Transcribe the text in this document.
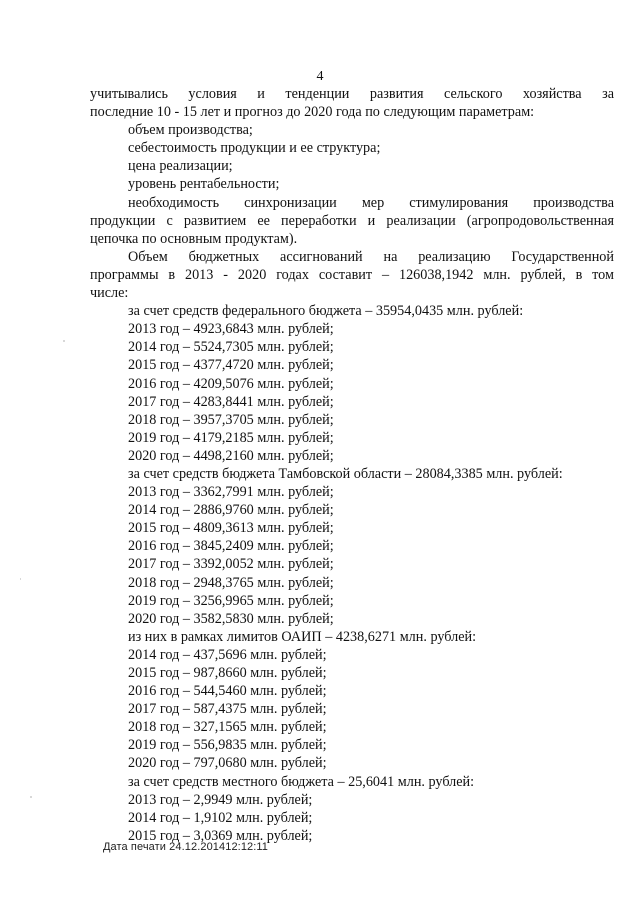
4
учитывались условия и тенденции развития сельского хозяйства за
последние 10 - 15 лет и прогноз до 2020 года по следующим параметрам:
объем производства;
себестоимость продукции и ее структура;
цена реализации;
уровень рентабельности;
необходимость синхронизации мер стимулирования производства
продукции с развитием ее переработки и реализации (агропродовольственная
цепочка по основным продуктам).
Объем бюджетных ассигнований на реализацию Государственной
программы в 2013 - 2020 годах составит – 126038,1942 млн. рублей, в том
числе:
за счет средств федерального бюджета – 35954,0435 млн. рублей:
2013 год – 4923,6843 млн. рублей;
2014 год – 5524,7305 млн. рублей;
2015 год – 4377,4720 млн. рублей;
2016 год – 4209,5076 млн. рублей;
2017 год – 4283,8441 млн. рублей;
2018 год – 3957,3705 млн. рублей;
2019 год – 4179,2185 млн. рублей;
2020 год – 4498,2160 млн. рублей;
за счет средств бюджета Тамбовской области – 28084,3385 млн. рублей:
2013 год – 3362,7991 млн. рублей;
2014 год – 2886,9760 млн. рублей;
2015 год – 4809,3613 млн. рублей;
2016 год – 3845,2409 млн. рублей;
2017 год – 3392,0052 млн. рублей;
2018 год – 2948,3765 млн. рублей;
2019 год – 3256,9965 млн. рублей;
2020 год – 3582,5830 млн. рублей;
из них в рамках лимитов ОАИП – 4238,6271 млн. рублей:
2014 год – 437,5696 млн. рублей;
2015 год – 987,8660 млн. рублей;
2016 год – 544,5460 млн. рублей;
2017 год – 587,4375 млн. рублей;
2018 год – 327,1565 млн. рублей;
2019 год – 556,9835 млн. рублей;
2020 год – 797,0680 млн. рублей;
за счет средств местного бюджета – 25,6041 млн. рублей:
2013 год – 2,9949 млн. рублей;
2014 год – 1,9102 млн. рублей;
2015 год – 3,0369 млн. рублей;
Дата печати 24.12.201412:12:11
